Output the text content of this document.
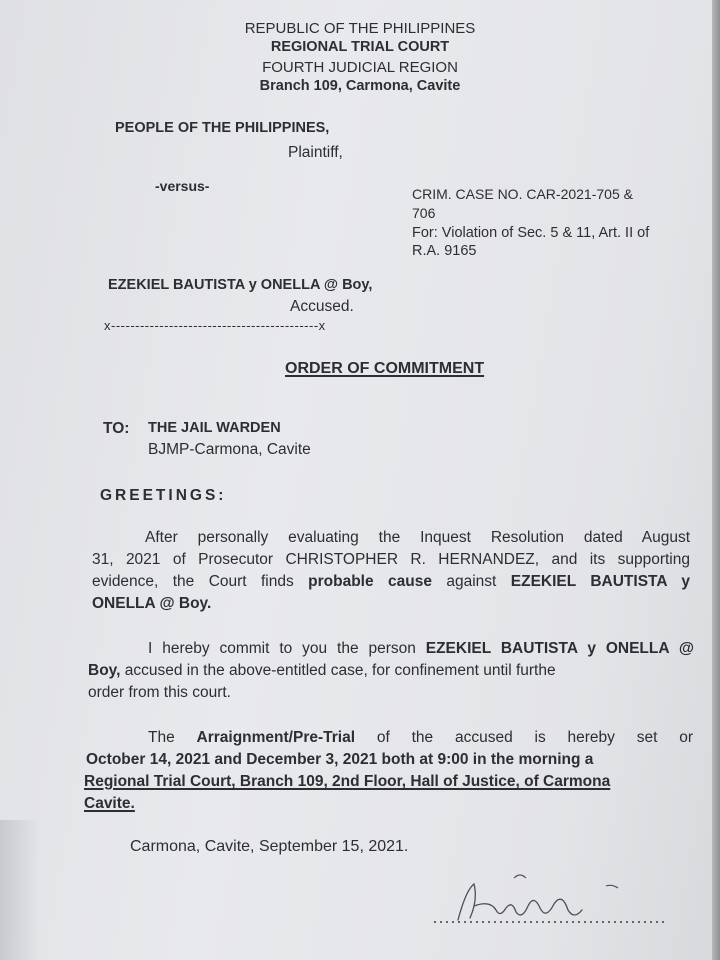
REPUBLIC OF THE PHILIPPINES
REGIONAL TRIAL COURT
FOURTH JUDICIAL REGION
Branch 109, Carmona, Cavite
PEOPLE OF THE PHILIPPINES,
Plaintiff,
-versus-	CRIM. CASE NO. CAR-2021-705 &
706
For: Violation of Sec. 5 & 11, Art. II of
R.A. 9165
EZEKIEL BAUTISTA y ONELLA @ Boy,
Accused.
x-------------------------------------------x
ORDER OF COMMITMENT
TO: THE JAIL WARDEN
BJMP-Carmona, Cavite
GREETINGS:
After personally evaluating the Inquest Resolution dated August
31, 2021 of Prosecutor CHRISTOPHER R. HERNANDEZ, and its supporting
evidence, the Court finds probable cause against EZEKIEL BAUTISTA y
ONELLA @ Boy.
I hereby commit to you the person EZEKIEL BAUTISTA y ONELLA @
Boy, accused in the above-entitled case, for confinement until furthe
order from this court.
The Arraignment/Pre-Trial of the accused is hereby set or
October 14, 2021 and December 3, 2021 both at 9:00 in the morning a
Regional Trial Court, Branch 109, 2nd Floor, Hall of Justice, of Carmona
Cavite.
Carmona, Cavite, September 15, 2021.
